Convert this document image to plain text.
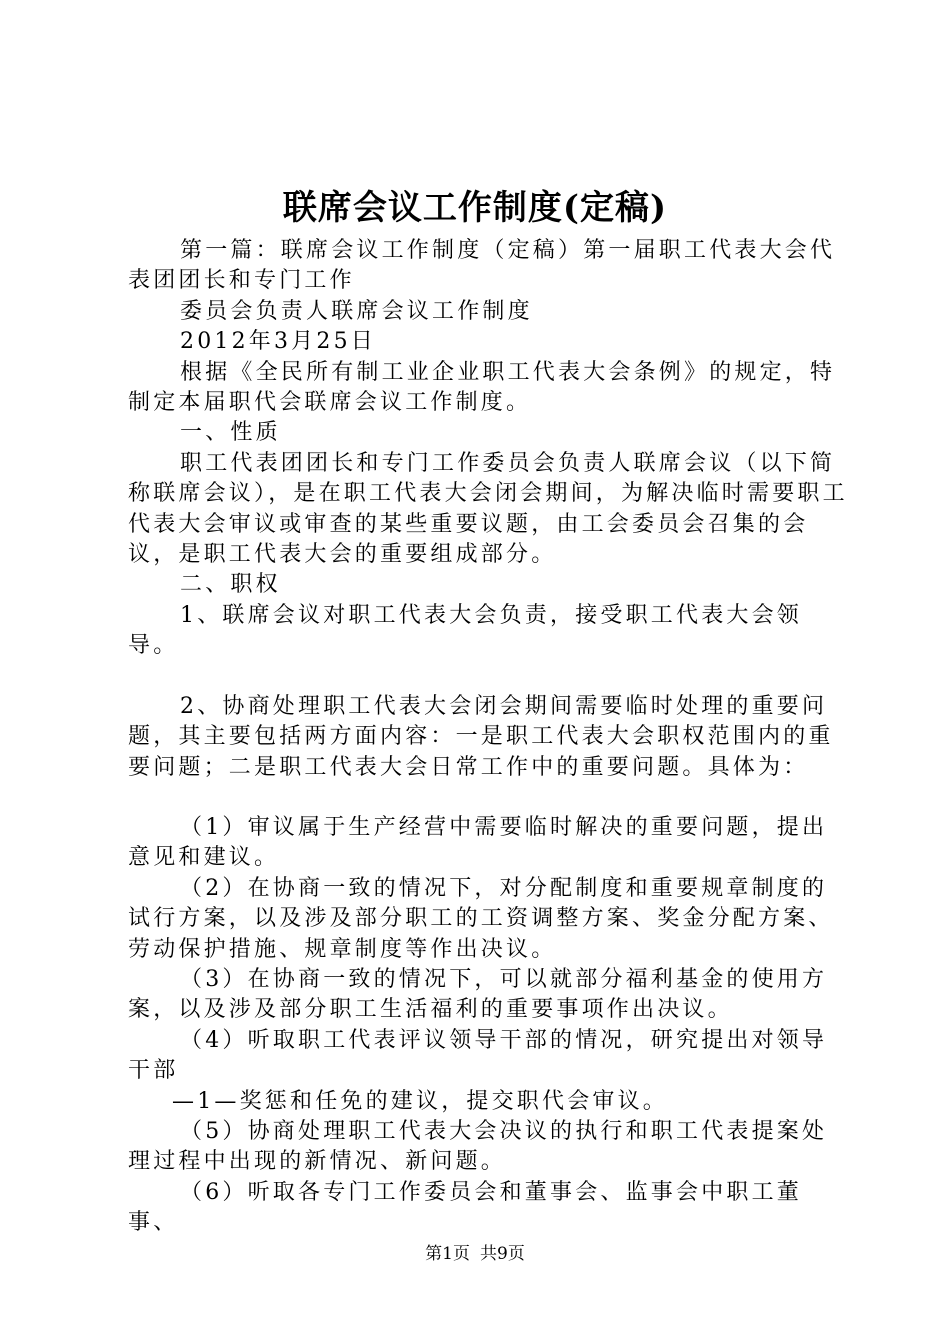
联席会议工作制度(定稿)

第一篇：联席会议工作制度（定稿）第一届职工代表大会代表团团长和专门工作

委员会负责人联席会议工作制度

2012年3月25日

根据《全民所有制工业企业职工代表大会条例》的规定，特制定本届职代会联席会议工作制度。

一、性质

职工代表团团长和专门工作委员会负责人联席会议（以下简称联席会议），是在职工代表大会闭会期间，为解决临时需要职工代表大会审议或审查的某些重要议题，由工会委员会召集的会议，是职工代表大会的重要组成部分。

二、职权

1、联席会议对职工代表大会负责，接受职工代表大会领导。

2、协商处理职工代表大会闭会期间需要临时处理的重要问题，其主要包括两方面内容：一是职工代表大会职权范围内的重要问题；二是职工代表大会日常工作中的重要问题。具体为：

（1）审议属于生产经营中需要临时解决的重要问题，提出意见和建议。

（2）在协商一致的情况下，对分配制度和重要规章制度的试行方案，以及涉及部分职工的工资调整方案、奖金分配方案、劳动保护措施、规章制度等作出决议。

（3）在协商一致的情况下，可以就部分福利基金的使用方案，以及涉及部分职工生活福利的重要事项作出决议。

（4）听取职工代表评议领导干部的情况，研究提出对领导干部

—1—奖惩和任免的建议，提交职代会审议。

（5）协商处理职工代表大会决议的执行和职工代表提案处理过程中出现的新情况、新问题。

（6）听取各专门工作委员会和董事会、监事会中职工董事、

第1页 共9页
